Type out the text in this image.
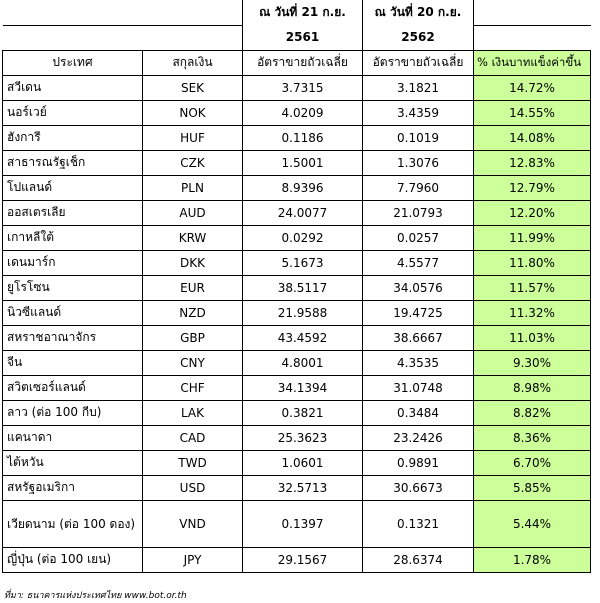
		ณ วันที่ 21 ก.ย.	ณ วันที่ 20 ก.ย.	
		2561	2562	
ประเทศ	สกุลเงิน	อัตราขายถัวเฉลี่ย	อัตราขายถัวเฉลี่ย	% เงินบาทแข็งค่าขึ้น
สวีเดน	SEK	3.7315	3.1821	14.72%
นอร์เวย์	NOK	4.0209	3.4359	14.55%
ฮังการี	HUF	0.1186	0.1019	14.08%
สาธารณรัฐเช็ก	CZK	1.5001	1.3076	12.83%
โปแลนด์	PLN	8.9396	7.7960	12.79%
ออสเตรเลีย	AUD	24.0077	21.0793	12.20%
เกาหลีใต้	KRW	0.0292	0.0257	11.99%
เดนมาร์ก	DKK	5.1673	4.5577	11.80%
ยูโรโซน	EUR	38.5117	34.0576	11.57%
นิวซีแลนด์	NZD	21.9588	19.4725	11.32%
สหราชอาณาจักร	GBP	43.4592	38.6667	11.03%
จีน	CNY	4.8001	4.3535	9.30%
สวิตเซอร์แลนด์	CHF	34.1394	31.0748	8.98%
ลาว (ต่อ 100 กีบ)	LAK	0.3821	0.3484	8.82%
แคนาดา	CAD	25.3623	23.2426	8.36%
ไต้หวัน	TWD	1.0601	0.9891	6.70%
สหรัฐอเมริกา	USD	32.5713	30.6673	5.85%
เวียดนาม (ต่อ 100 ดอง)	VND	0.1397	0.1321	5.44%
ญี่ปุ่น (ต่อ 100 เยน)	JPY	29.1567	28.6374	1.78%
ที่มา: ธนาคารแห่งประเทศไทย www.bot.or.th
